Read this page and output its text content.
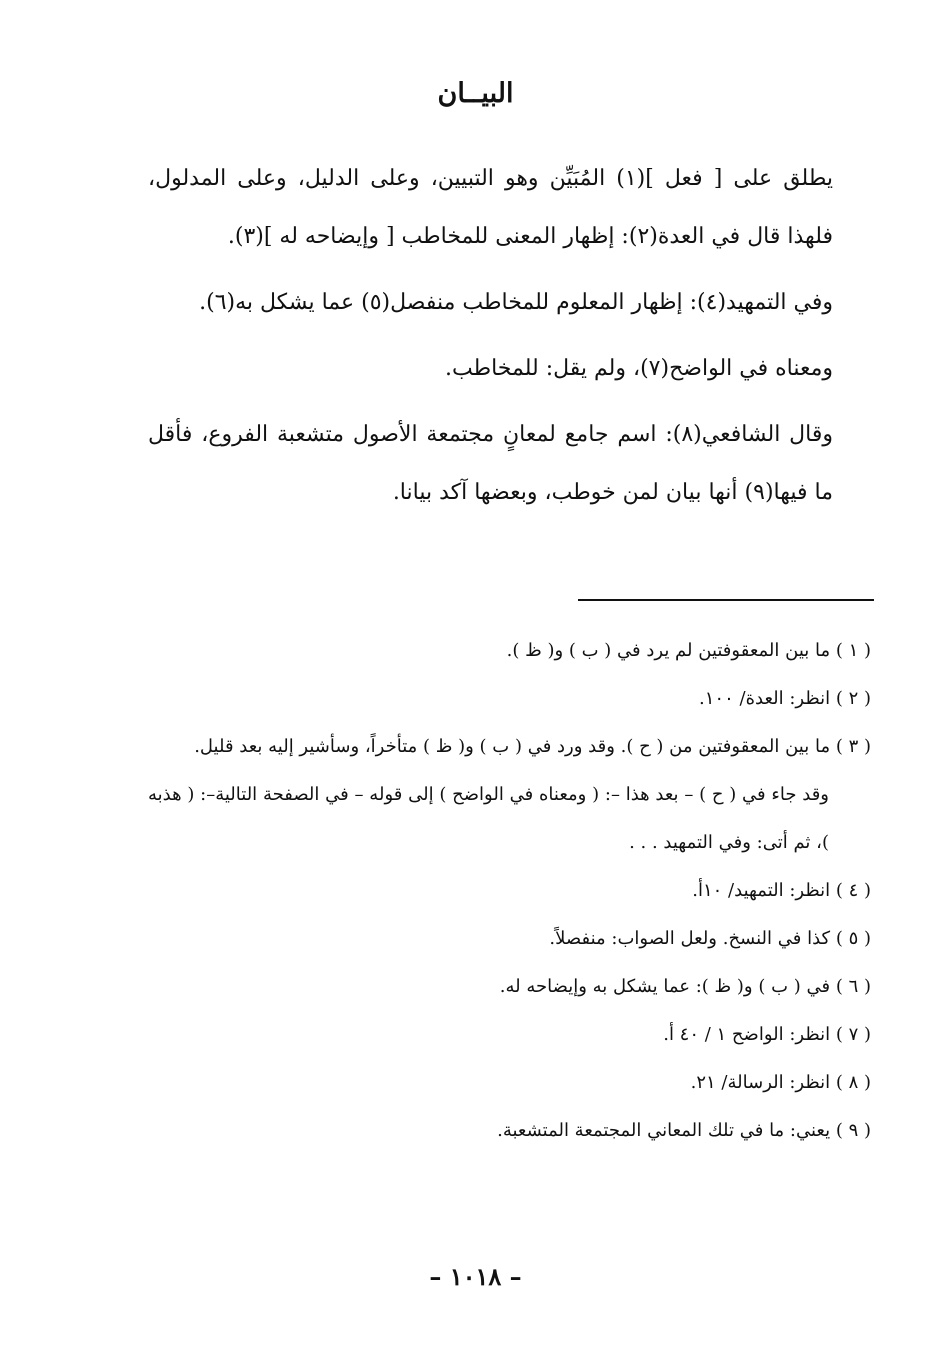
البيــان

يطلق على [ فعل ](١) المُبَيِّن وهو التبيين، وعلى الدليل، وعلى المدلول، فلهذا قال في العدة(٢): إظهار المعنى للمخاطب [ وإيضاحه له ](٣).

وفي التمهيد(٤): إظهار المعلوم للمخاطب منفصل(٥) عما يشكل به(٦).

ومعناه في الواضح(٧)، ولم يقل: للمخاطب.

وقال الشافعي(٨): اسم جامع لمعانٍ مجتمعة الأصول متشعبة الفروع، فأقل ما فيها(٩) أنها بيان لمن خوطب، وبعضها آكد بيانا.

( ١ ) ما بين المعقوفتين لم يرد في ( ب ) و( ظ ).
( ٢ ) انظر: العدة/ ١٠٠.
( ٣ ) ما بين المعقوفتين من ( ح ). وقد ورد في ( ب ) و( ظ ) متأخراً، وسأشير إليه بعد قليل.
وقد جاء في ( ح ) – بعد هذا –: ( ومعناه في الواضح ) إلى قوله – في الصفحة التالية–: ( هذبه )، ثم أتى: وفي التمهيد . . .
( ٤ ) انظر: التمهيد/ ١٠أ.
( ٥ ) كذا في النسخ. ولعل الصواب: منفصلاً.
( ٦ ) في ( ب ) و( ظ ): عما يشكل به وإيضاحه له.
( ٧ ) انظر: الواضح ١ / ٤٠ أ.
( ٨ ) انظر: الرسالة/ ٢١.
( ٩ ) يعني: ما في تلك المعاني المجتمعة المتشعبة.
– ١٠١٨ –
